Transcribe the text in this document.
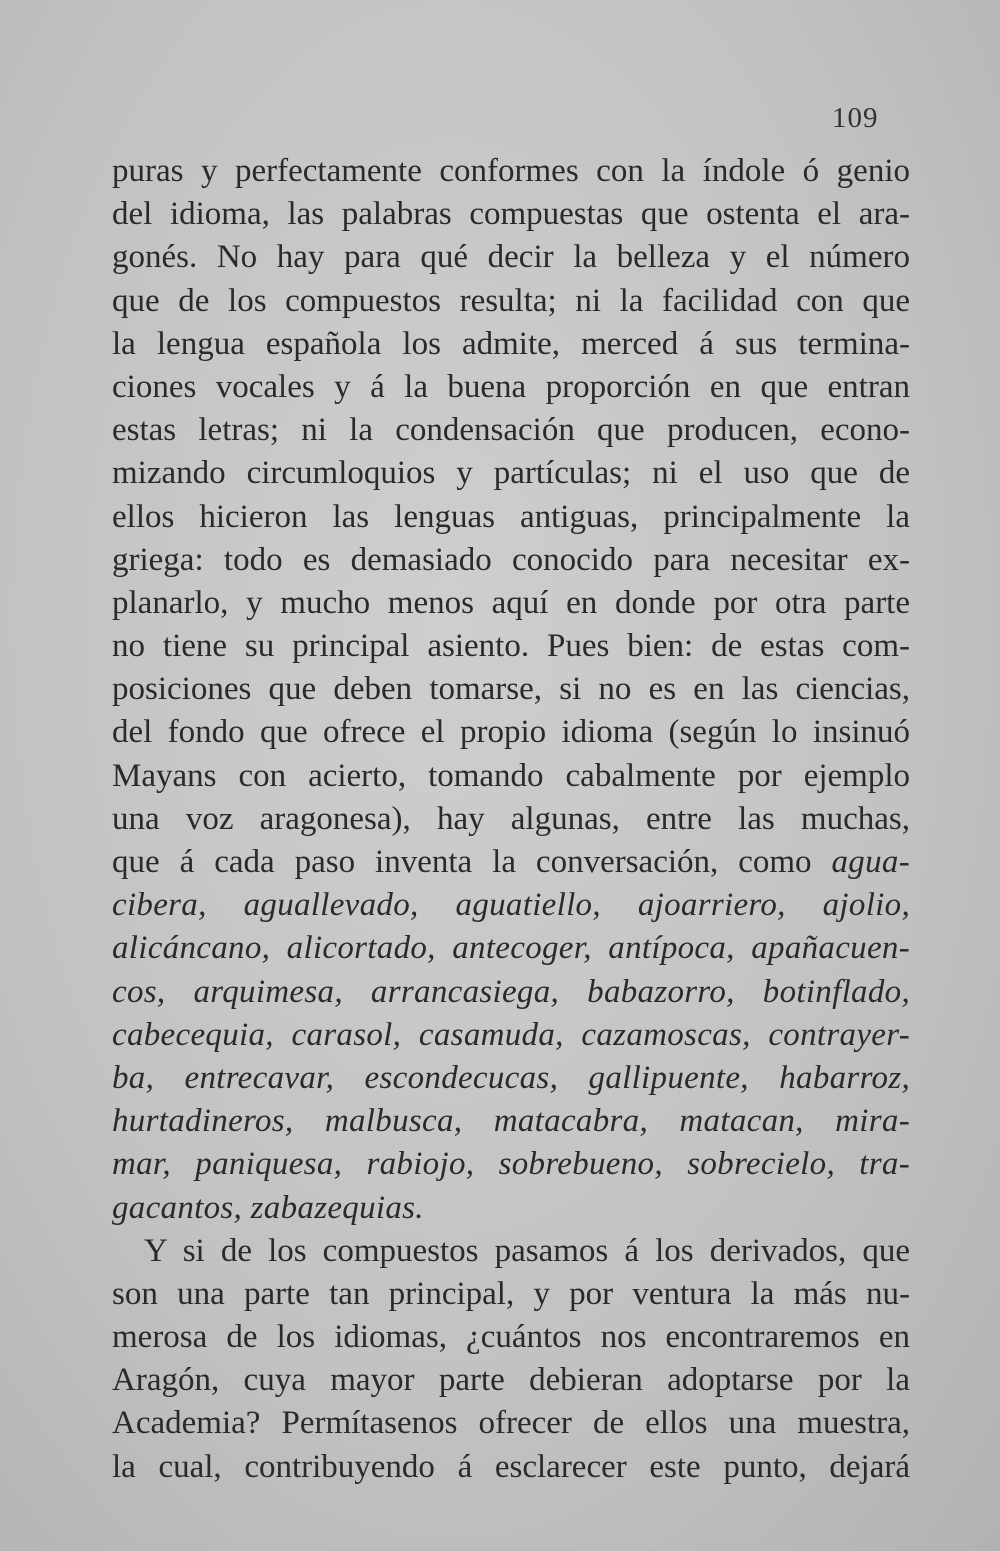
109
puras y perfectamente conformes con la índole ó genio
del idioma, las palabras compuestas que ostenta el ara-
gonés. No hay para qué decir la belleza y el número
que de los compuestos resulta; ni la facilidad con que
la lengua española los admite, merced á sus termina-
ciones vocales y á la buena proporción en que entran
estas letras; ni la condensación que producen, econo-
mizando circumloquios y partículas; ni el uso que de
ellos hicieron las lenguas antiguas, principalmente la
griega: todo es demasiado conocido para necesitar ex-
planarlo, y mucho menos aquí en donde por otra parte
no tiene su principal asiento. Pues bien: de estas com-
posiciones que deben tomarse, si no es en las ciencias,
del fondo que ofrece el propio idioma (según lo insinuó
Mayans con acierto, tomando cabalmente por ejemplo
una voz aragonesa), hay algunas, entre las muchas,
que á cada paso inventa la conversación, como agua-
cibera, aguallevado, aguatiello, ajoarriero, ajolio,
alicáncano, alicortado, antecoger, antípoca, apañacuen-
cos, arquimesa, arrancasiega, babazorro, botinflado,
cabecequia, carasol, casamuda, cazamoscas, contrayer-
ba, entrecavar, escondecucas, gallipuente, habarroz,
hurtadineros, malbusca, matacabra, matacan, mira-
mar, paniquesa, rabiojo, sobrebueno, sobrecielo, tra-
gacantos, zabazequias.
Y si de los compuestos pasamos á los derivados, que
son una parte tan principal, y por ventura la más nu-
merosa de los idiomas, ¿cuántos nos encontraremos en
Aragón, cuya mayor parte debieran adoptarse por la
Academia? Permítasenos ofrecer de ellos una muestra,
la cual, contribuyendo á esclarecer este punto, dejará
